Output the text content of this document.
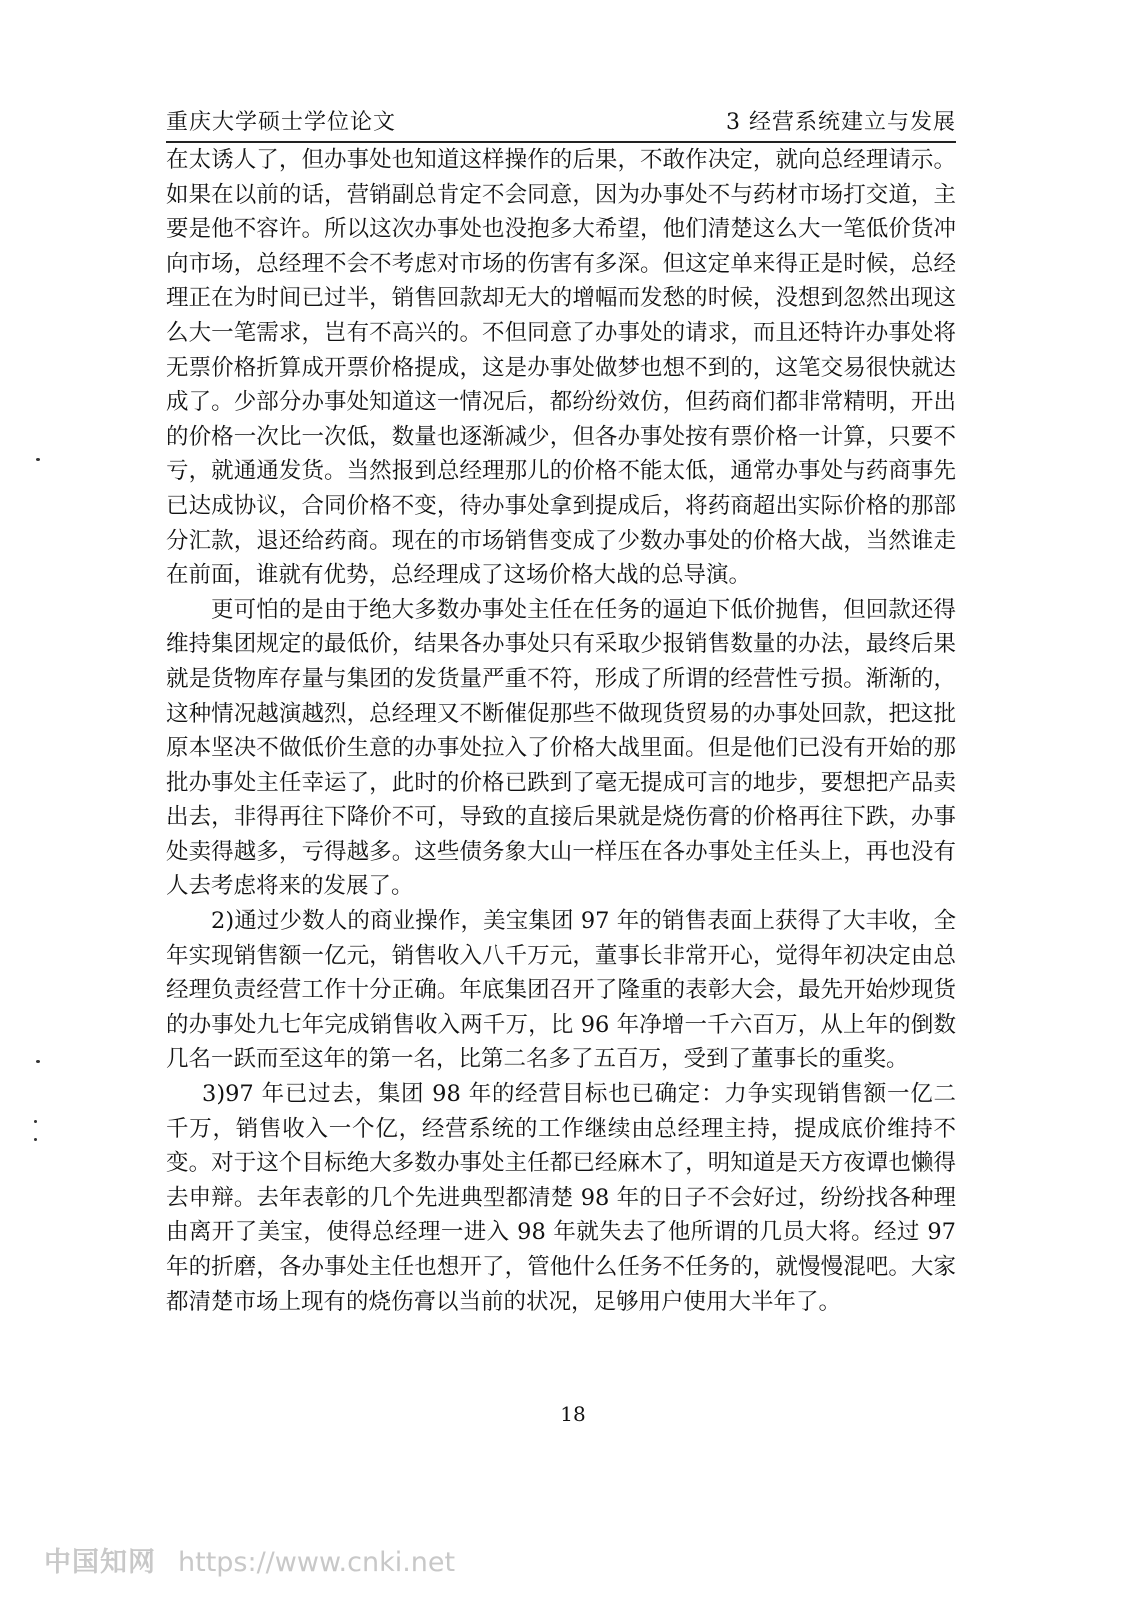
重庆大学硕士学位论文	3 经营系统建立与发展

在太诱人了，但办事处也知道这样操作的后果，不敢作决定，就向总经理请示。如果在以前的话，营销副总肯定不会同意，因为办事处不与药材市场打交道，主要是他不容许。所以这次办事处也没抱多大希望，他们清楚这么大一笔低价货冲向市场，总经理不会不考虑对市场的伤害有多深。但这定单来得正是时候，总经理正在为时间已过半，销售回款却无大的增幅而发愁的时候，没想到忽然出现这么大一笔需求，岂有不高兴的。不但同意了办事处的请求，而且还特许办事处将无票价格折算成开票价格提成，这是办事处做梦也想不到的，这笔交易很快就达成了。少部分办事处知道这一情况后，都纷纷效仿，但药商们都非常精明，开出的价格一次比一次低，数量也逐渐减少，但各办事处按有票价格一计算，只要不亏，就通通发货。当然报到总经理那儿的价格不能太低，通常办事处与药商事先已达成协议，合同价格不变，待办事处拿到提成后，将药商超出实际价格的那部分汇款，退还给药商。现在的市场销售变成了少数办事处的价格大战，当然谁走在前面，谁就有优势，总经理成了这场价格大战的总导演。

更可怕的是由于绝大多数办事处主任在任务的逼迫下低价抛售，但回款还得维持集团规定的最低价，结果各办事处只有采取少报销售数量的办法，最终后果就是货物库存量与集团的发货量严重不符，形成了所谓的经营性亏损。渐渐的，这种情况越演越烈，总经理又不断催促那些不做现货贸易的办事处回款，把这批原本坚决不做低价生意的办事处拉入了价格大战里面。但是他们已没有开始的那批办事处主任幸运了，此时的价格已跌到了毫无提成可言的地步，要想把产品卖出去，非得再往下降价不可，导致的直接后果就是烧伤膏的价格再往下跌，办事处卖得越多，亏得越多。这些债务象大山一样压在各办事处主任头上，再也没有人去考虑将来的发展了。

2)通过少数人的商业操作，美宝集团 97 年的销售表面上获得了大丰收，全年实现销售额一亿元，销售收入八千万元，董事长非常开心，觉得年初决定由总经理负责经营工作十分正确。年底集团召开了隆重的表彰大会，最先开始炒现货的办事处九七年完成销售收入两千万，比 96 年净增一千六百万，从上年的倒数几名一跃而至这年的第一名，比第二名多了五百万，受到了董事长的重奖。

3)97 年已过去，集团 98 年的经营目标也已确定：力争实现销售额一亿二千万，销售收入一个亿，经营系统的工作继续由总经理主持，提成底价维持不变。对于这个目标绝大多数办事处主任都已经麻木了，明知道是天方夜谭也懒得去申辩。去年表彰的几个先进典型都清楚 98 年的日子不会好过，纷纷找各种理由离开了美宝，使得总经理一进入 98 年就失去了他所谓的几员大将。经过 97 年的折磨，各办事处主任也想开了，管他什么任务不任务的，就慢慢混吧。大家都清楚市场上现有的烧伤膏以当前的状况，足够用户使用大半年了。

18
中国知网 https://www.cnki.net
